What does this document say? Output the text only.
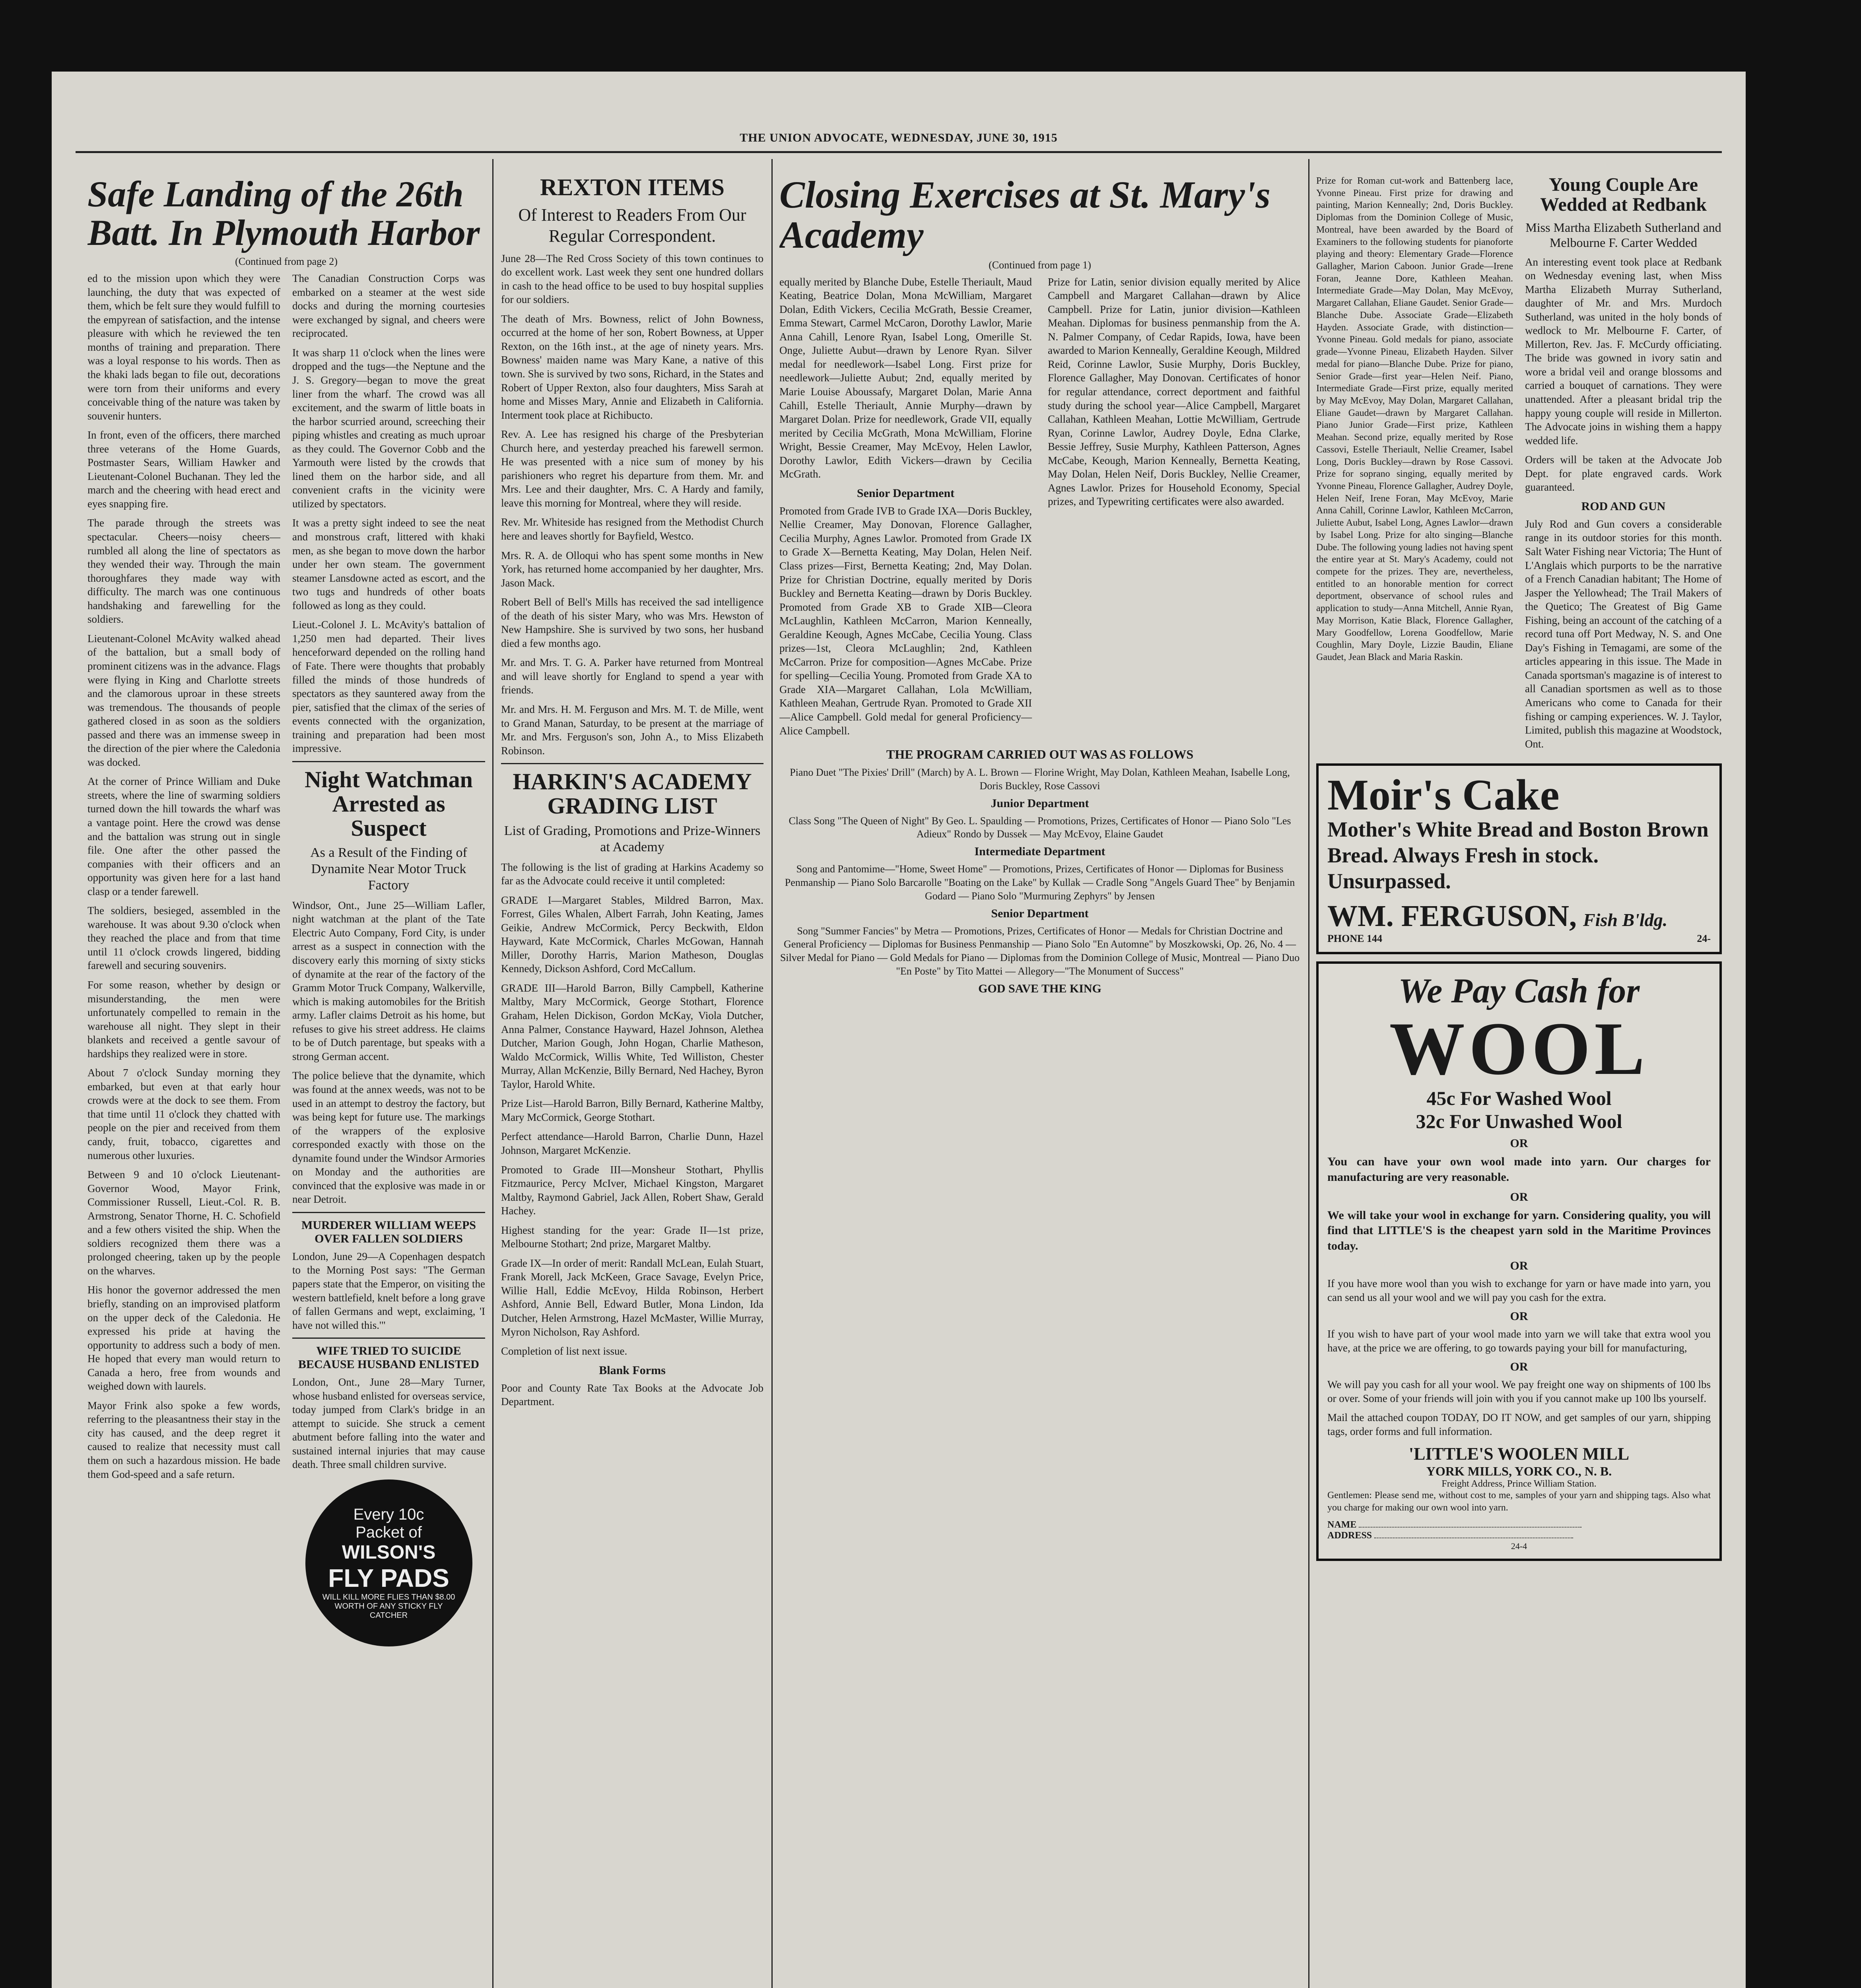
THE UNION ADVOCATE, WEDNESDAY, JUNE 30, 1915
Safe Landing of the 26th Batt. In Plymouth Harbor
(Continued from page 2)

ed to the mission upon which they were launching, the duty that was expected of them, which be felt sure they would fulfill to the empyrean of satisfaction, and the intense pleasure with which he reviewed the ten months of training and preparation. There was a loyal response to his words. Then as the khaki lads began to file out, decorations were torn from their uniforms and every conceivable thing of the nature was taken by souvenir hunters.

In front, even of the officers, there marched three veterans of the Home Guards, Postmaster Sears, William Hawker and Lieutenant-Colonel Buchanan. They led the march and the cheering with head erect and eyes snapping fire.

The parade through the streets was spectacular. Cheers—noisy cheers—rumbled all along the line of spectators as they wended their way. Through the main thoroughfares they made way with difficulty. The march was one continuous handshaking and farewelling for the soldiers.

Lieutenant-Colonel McAvity walked ahead of the battalion, but a small body of prominent citizens was in the advance. Flags were flying in King and Charlotte streets and the clamorous uproar in these streets was tremendous. The thousands of people gathered closed in as soon as the soldiers passed and there was an immense sweep in the direction of the pier where the Caledonia was docked.

At the corner of Prince William and Duke streets, where the line of swarming soldiers turned down the hill towards the wharf was a vantage point. Here the crowd was dense and the battalion was strung out in single file. One after the other passed the companies with their officers and an opportunity was given here for a last hand clasp or a tender farewell.

The soldiers, besieged, assembled in the warehouse. It was about 9.30 o'clock when they reached the place and from that time until 11 o'clock crowds lingered, bidding farewell and securing souvenirs.

For some reason, whether by design or misunderstanding, the men were unfortunately compelled to remain in the warehouse all night. They slept in their blankets and received a gentle savour of hardships they realized were in store.

About 7 o'clock Sunday morning they embarked, but even at that early hour crowds were at the dock to see them. From that time until 11 o'clock they chatted with people on the pier and received from them candy, fruit, tobacco, cigarettes and numerous other luxuries.

Between 9 and 10 o'clock Lieutenant-Governor Wood, Mayor Frink, Commissioner Russell, Lieut.-Col. R. B. Armstrong, Senator Thorne, H. C. Schofield and a few others visited the ship. When the soldiers recognized them there was a prolonged cheering, taken up by the people on the wharves.

His honor the governor addressed the men briefly, standing on an improvised platform on the upper deck of the Caledonia. He expressed his pride at having the opportunity to address such a body of men. He hoped that every man would return to Canada a hero, free from wounds and weighed down with laurels.

Mayor Frink also spoke a few words, referring to the pleasantness their stay in the city has caused, and the deep regret it caused to realize that necessity must call them on such a hazardous mission. He bade them God-speed and a safe return.

The Canadian Construction Corps was embarked on a steamer at the west side docks and during the morning courtesies were exchanged by signal, and cheers were reciprocated.

It was sharp 11 o'clock when the lines were dropped and the tugs—the Neptune and the J. S. Gregory—began to move the great liner from the wharf. The crowd was all excitement, and the swarm of little boats in the harbor scurried around, screeching their piping whistles and creating as much uproar as they could. The Governor Cobb and the Yarmouth were listed by the crowds that lined them on the harbor side, and all convenient crafts in the vicinity were utilized by spectators.

It was a pretty sight indeed to see the neat and monstrous craft, littered with khaki men, as she began to move down the harbor under her own steam. The government steamer Lansdowne acted as escort, and the two tugs and hundreds of other boats followed as long as they could.

Lieut.-Colonel J. L. McAvity's battalion of 1,250 men had departed. Their lives henceforward depended on the rolling hand of Fate. There were thoughts that probably filled the minds of those hundreds of spectators as they sauntered away from the pier, satisfied that the climax of the series of events connected with the organization, training and preparation had been most impressive.

Night Watchman Arrested as Suspect
As a Result of the Finding of Dynamite Near Motor Truck Factory

Windsor, Ont., June 25—William Lafler, night watchman at the plant of the Tate Electric Auto Company, Ford City, is under arrest as a suspect in connection with the discovery early this morning of sixty sticks of dynamite at the rear of the factory of the Gramm Motor Truck Company, Walkerville, which is making automobiles for the British army. Lafler claims Detroit as his home, but refuses to give his street address. He claims to be of Dutch parentage, but speaks with a strong German accent.

The police believe that the dynamite, which was found at the annex weeds, was not to be used in an attempt to destroy the factory, but was being kept for future use. The markings of the wrappers of the explosive corresponded exactly with those on the dynamite found under the Windsor Armories on Monday and the authorities are convinced that the explosive was made in or near Detroit.

MURDERER WILLIAM WEEPS OVER FALLEN SOLDIERS

London, June 29—A Copenhagen despatch to the Morning Post says: "The German papers state that the Emperor, on visiting the western battlefield, knelt before a long grave of fallen Germans and wept, exclaiming, 'I have not willed this.'"

WIFE TRIED TO SUICIDE BECAUSE HUSBAND ENLISTED

London, Ont., June 28—Mary Turner, whose husband enlisted for overseas service, today jumped from Clark's bridge in an attempt to suicide. She struck a cement abutment before falling into the water and sustained internal injuries that may cause death. Three small children survive.

Every 10c
Packet of
WILSON'S
FLY PADS
WILL KILL MORE FLIES THAN $8.00 WORTH OF ANY STICKY FLY CATCHER
REXTON ITEMS
Of Interest to Readers From Our Regular Correspondent.

June 28—The Red Cross Society of this town continues to do excellent work. Last week they sent one hundred dollars in cash to the head office to be used to buy hospital supplies for our soldiers.

The death of Mrs. Bowness, relict of John Bowness, occurred at the home of her son, Robert Bowness, at Upper Rexton, on the 16th inst., at the age of ninety years. Mrs. Bowness' maiden name was Mary Kane, a native of this town. She is survived by two sons, Richard, in the States and Robert of Upper Rexton, also four daughters, Miss Sarah at home and Misses Mary, Annie and Elizabeth in California. Interment took place at Richibucto.

Rev. A. Lee has resigned his charge of the Presbyterian Church here, and yesterday preached his farewell sermon. He was presented with a nice sum of money by his parishioners who regret his departure from them. Mr. and Mrs. Lee and their daughter, Mrs. C. A Hardy and family, leave this morning for Montreal, where they will reside.

Rev. Mr. Whiteside has resigned from the Methodist Church here and leaves shortly for Bayfield, Westco.

Mrs. R. A. de Olloqui who has spent some months in New York, has returned home accompanied by her daughter, Mrs. Jason Mack.

Robert Bell of Bell's Mills has received the sad intelligence of the death of his sister Mary, who was Mrs. Hewston of New Hampshire. She is survived by two sons, her husband died a few months ago.

Mr. and Mrs. T. G. A. Parker have returned from Montreal and will leave shortly for England to spend a year with friends.

Mr. and Mrs. H. M. Ferguson and Mrs. M. T. de Mille, went to Grand Manan, Saturday, to be present at the marriage of Mr. and Mrs. Ferguson's son, John A., to Miss Elizabeth Robinson.

HARKIN'S ACADEMY GRADING LIST
List of Grading, Promotions and Prize-Winners at Academy

The following is the list of grading at Harkins Academy so far as the Advocate could receive it until completed:

GRADE I—Margaret Stables, Mildred Barron, Max. Forrest, Giles Whalen, Albert Farrah, John Keating, James Geikie, Andrew McCormick, Percy Beckwith, Eldon Hayward, Kate McCormick, Charles McGowan, Hannah Miller, Dorothy Harris, Marion Matheson, Douglas Kennedy, Dickson Ashford, Cord McCallum.

GRADE III—Harold Barron, Billy Campbell, Katherine Maltby, Mary McCormick, George Stothart, Florence Graham, Helen Dickison, Gordon McKay, Viola Dutcher, Anna Palmer, Constance Hayward, Hazel Johnson, Alethea Dutcher, Marion Gough, John Hogan, Charlie Matheson, Waldo McCormick, Willis White, Ted Williston, Chester Murray, Allan McKenzie, Billy Bernard, Ned Hachey, Byron Taylor, Harold White.

Prize List—Harold Barron, Billy Bernard, Katherine Maltby, Mary McCormick, George Stothart.

Perfect attendance—Harold Barron, Charlie Dunn, Hazel Johnson, Margaret McKenzie.

Promoted to Grade III—Monsheur Stothart, Phyllis Fitzmaurice, Percy McIver, Michael Kingston, Margaret Maltby, Raymond Gabriel, Jack Allen, Robert Shaw, Gerald Hachey.

Highest standing for the year: Grade II—1st prize, Melbourne Stothart; 2nd prize, Margaret Maltby.

Grade IX—In order of merit: Randall McLean, Eulah Stuart, Frank Morell, Jack McKeen, Grace Savage, Evelyn Price, Willie Hall, Eddie McEvoy, Hilda Robinson, Herbert Ashford, Annie Bell, Edward Butler, Mona Lindon, Ida Dutcher, Helen Armstrong, Hazel McMaster, Willie Murray, Myron Nicholson, Ray Ashford.

Completion of list next issue.

Blank Forms

Poor and County Rate Tax Books at the Advocate Job Department.

Closing Exercises at St. Mary's Academy
(Continued from page 1)

equally merited by Blanche Dube, Estelle Theriault, Maud Keating, Beatrice Dolan, Mona McWilliam, Margaret Dolan, Edith Vickers, Cecilia McGrath, Bessie Creamer, Emma Stewart, Carmel McCaron, Dorothy Lawlor, Marie Anna Cahill, Lenore Ryan, Isabel Long, Omerille St. Onge, Juliette Aubut—drawn by Lenore Ryan. Silver medal for needlework—Isabel Long. First prize for needlework—Juliette Aubut; 2nd, equally merited by Marie Louise Aboussafy, Margaret Dolan, Marie Anna Cahill, Estelle Theriault, Annie Murphy—drawn by Margaret Dolan. Prize for needlework, Grade VII, equally merited by Cecilia McGrath, Mona McWilliam, Florine Wright, Bessie Creamer, May McEvoy, Helen Lawlor, Dorothy Lawlor, Edith Vickers—drawn by Cecilia McGrath.

Senior Department

Promoted from Grade IVB to Grade IXA—Doris Buckley, Nellie Creamer, May Donovan, Florence Gallagher, Cecilia Murphy, Agnes Lawlor. Promoted from Grade IX to Grade X—Bernetta Keating, May Dolan, Helen Neif. Class prizes—First, Bernetta Keating; 2nd, May Dolan. Prize for Christian Doctrine, equally merited by Doris Buckley and Bernetta Keating—drawn by Doris Buckley. Promoted from Grade XB to Grade XIB—Cleora McLaughlin, Kathleen McCarron, Marion Kenneally, Geraldine Keough, Agnes McCabe, Cecilia Young. Class prizes—1st, Cleora McLaughlin; 2nd, Kathleen McCarron. Prize for composition—Agnes McCabe. Prize for spelling—Cecilia Young. Promoted from Grade XA to Grade XIA—Margaret Callahan, Lola McWilliam, Kathleen Meahan, Gertrude Ryan. Promoted to Grade XII—Alice Campbell. Gold medal for general Proficiency—Alice Campbell.

Prize for Latin, senior division equally merited by Alice Campbell and Margaret Callahan—drawn by Alice Campbell. Prize for Latin, junior division—Kathleen Meahan. Diplomas for business penmanship from the A. N. Palmer Company, of Cedar Rapids, Iowa, have been awarded to Marion Kenneally, Geraldine Keough, Mildred Reid, Corinne Lawlor, Susie Murphy, Doris Buckley, Florence Gallagher, May Donovan. Certificates of honor for regular attendance, correct deportment and faithful study during the school year—Alice Campbell, Margaret Callahan, Kathleen Meahan, Lottie McWilliam, Gertrude Ryan, Corinne Lawlor, Audrey Doyle, Edna Clarke, Bessie Jeffrey, Susie Murphy, Kathleen Patterson, Agnes McCabe, Keough, Marion Kenneally, Bernetta Keating, May Dolan, Helen Neif, Doris Buckley, Nellie Creamer, Agnes Lawlor. Prizes for Household Economy, Special prizes, and Typewriting certificates were also awarded.

THE PROGRAM CARRIED OUT WAS AS FOLLOWS

Piano Duet "The Pixies' Drill" (March) by A. L. Brown — Florine Wright, May Dolan, Kathleen Meahan, Isabelle Long, Doris Buckley, Rose Cassovi

Junior Department

Class Song "The Queen of Night" By Geo. L. Spaulding — Promotions, Prizes, Certificates of Honor — Piano Solo "Les Adieux" Rondo by Dussek — May McEvoy, Elaine Gaudet

Intermediate Department

Song and Pantomime—"Home, Sweet Home" — Promotions, Prizes, Certificates of Honor — Diplomas for Business Penmanship — Piano Solo Barcarolle "Boating on the Lake" by Kullak — Cradle Song "Angels Guard Thee" by Benjamin Godard — Piano Solo "Murmuring Zephyrs" by Jensen

Senior Department

Song "Summer Fancies" by Metra — Promotions, Prizes, Certificates of Honor — Medals for Christian Doctrine and General Proficiency — Diplomas for Business Penmanship — Piano Solo "En Automne" by Moszkowski, Op. 26, No. 4 — Silver Medal for Piano — Gold Medals for Piano — Diplomas from the Dominion College of Music, Montreal — Piano Duo "En Poste" by Tito Mattei — Allegory—"The Monument of Success"

GOD SAVE THE KING

Prize for Roman cut-work and Battenberg lace, Yvonne Pineau. First prize for drawing and painting, Marion Kenneally; 2nd, Doris Buckley. Diplomas from the Dominion College of Music, Montreal, have been awarded by the Board of Examiners to the following students for pianoforte playing and theory: Elementary Grade—Florence Gallagher, Marion Caboon. Junior Grade—Irene Foran, Jeanne Dore, Kathleen Meahan. Intermediate Grade—May Dolan, May McEvoy, Margaret Callahan, Eliane Gaudet. Senior Grade—Blanche Dube. Associate Grade—Elizabeth Hayden. Associate Grade, with distinction—Yvonne Pineau. Gold medals for piano, associate grade—Yvonne Pineau, Elizabeth Hayden. Silver medal for piano—Blanche Dube. Prize for piano, Senior Grade—first year—Helen Neif. Piano, Intermediate Grade—First prize, equally merited by May McEvoy, May Dolan, Margaret Callahan, Eliane Gaudet—drawn by Margaret Callahan. Piano Junior Grade—First prize, Kathleen Meahan. Second prize, equally merited by Rose Cassovi, Estelle Theriault, Nellie Creamer, Isabel Long, Doris Buckley—drawn by Rose Cassovi. Prize for soprano singing, equally merited by Yvonne Pineau, Florence Gallagher, Audrey Doyle, Helen Neif, Irene Foran, May McEvoy, Marie Anna Cahill, Corinne Lawlor, Kathleen McCarron, Juliette Aubut, Isabel Long, Agnes Lawlor—drawn by Isabel Long. Prize for alto singing—Blanche Dube. The following young ladies not having spent the entire year at St. Mary's Academy, could not compete for the prizes. They are, nevertheless, entitled to an honorable mention for correct deportment, observance of school rules and application to study—Anna Mitchell, Annie Ryan, May Morrison, Katie Black, Florence Gallagher, Mary Goodfellow, Lorena Goodfellow, Marie Coughlin, Mary Doyle, Lizzie Baudin, Eliane Gaudet, Jean Black and Maria Raskin.

Young Couple Are Wedded at Redbank
Miss Martha Elizabeth Sutherland and Melbourne F. Carter Wedded

An interesting event took place at Redbank on Wednesday evening last, when Miss Martha Elizabeth Murray Sutherland, daughter of Mr. and Mrs. Murdoch Sutherland, was united in the holy bonds of wedlock to Mr. Melbourne F. Carter, of Millerton, Rev. Jas. F. McCurdy officiating. The bride was gowned in ivory satin and wore a bridal veil and orange blossoms and carried a bouquet of carnations. They were unattended. After a pleasant bridal trip the happy young couple will reside in Millerton. The Advocate joins in wishing them a happy wedded life.

Orders will be taken at the Advocate Job Dept. for plate engraved cards. Work guaranteed.

ROD AND GUN

July Rod and Gun covers a considerable range in its outdoor stories for this month. Salt Water Fishing near Victoria; The Hunt of L'Anglais which purports to be the narrative of a French Canadian habitant; The Home of Jasper the Yellowhead; The Trail Makers of the Quetico; The Greatest of Big Game Fishing, being an account of the catching of a record tuna off Port Medway, N. S. and One Day's Fishing in Temagami, are some of the articles appearing in this issue. The Made in Canada sportsman's magazine is of interest to all Canadian sportsmen as well as to those Americans who come to Canada for their fishing or camping experiences. W. J. Taylor, Limited, publish this magazine at Woodstock, Ont.

Moir's Cake
Mother's White Bread and Boston Brown Bread. Always Fresh in stock. Unsurpassed.
WM. FERGUSON, Fish B'ldg.
PHONE 144	24-
We Pay Cash for
WOOL
45c For Washed Wool
32c For Unwashed Wool
OR

You can have your own wool made into yarn. Our charges for manufacturing are very reasonable.

OR

We will take your wool in exchange for yarn. Considering quality, you will find that LITTLE'S is the cheapest yarn sold in the Maritime Provinces today.

OR

If you have more wool than you wish to exchange for yarn or have made into yarn, you can send us all your wool and we will pay you cash for the extra.

OR

If you wish to have part of your wool made into yarn we will take that extra wool you have, at the price we are offering, to go towards paying your bill for manufacturing,

OR

We will pay you cash for all your wool. We pay freight one way on shipments of 100 lbs or over. Some of your friends will join with you if you cannot make up 100 lbs yourself.

Mail the attached coupon TODAY, DO IT NOW, and get samples of our yarn, shipping tags, order forms and full information.

'LITTLE'S WOOLEN MILL
YORK MILLS, YORK CO., N. B.
Freight Address, Prince William Station.

Gentlemen: Please send me, without cost to me, samples of your yarn and shipping tags. Also what you charge for making our own wool into yarn.

NAME
ADDRESS
24-4
